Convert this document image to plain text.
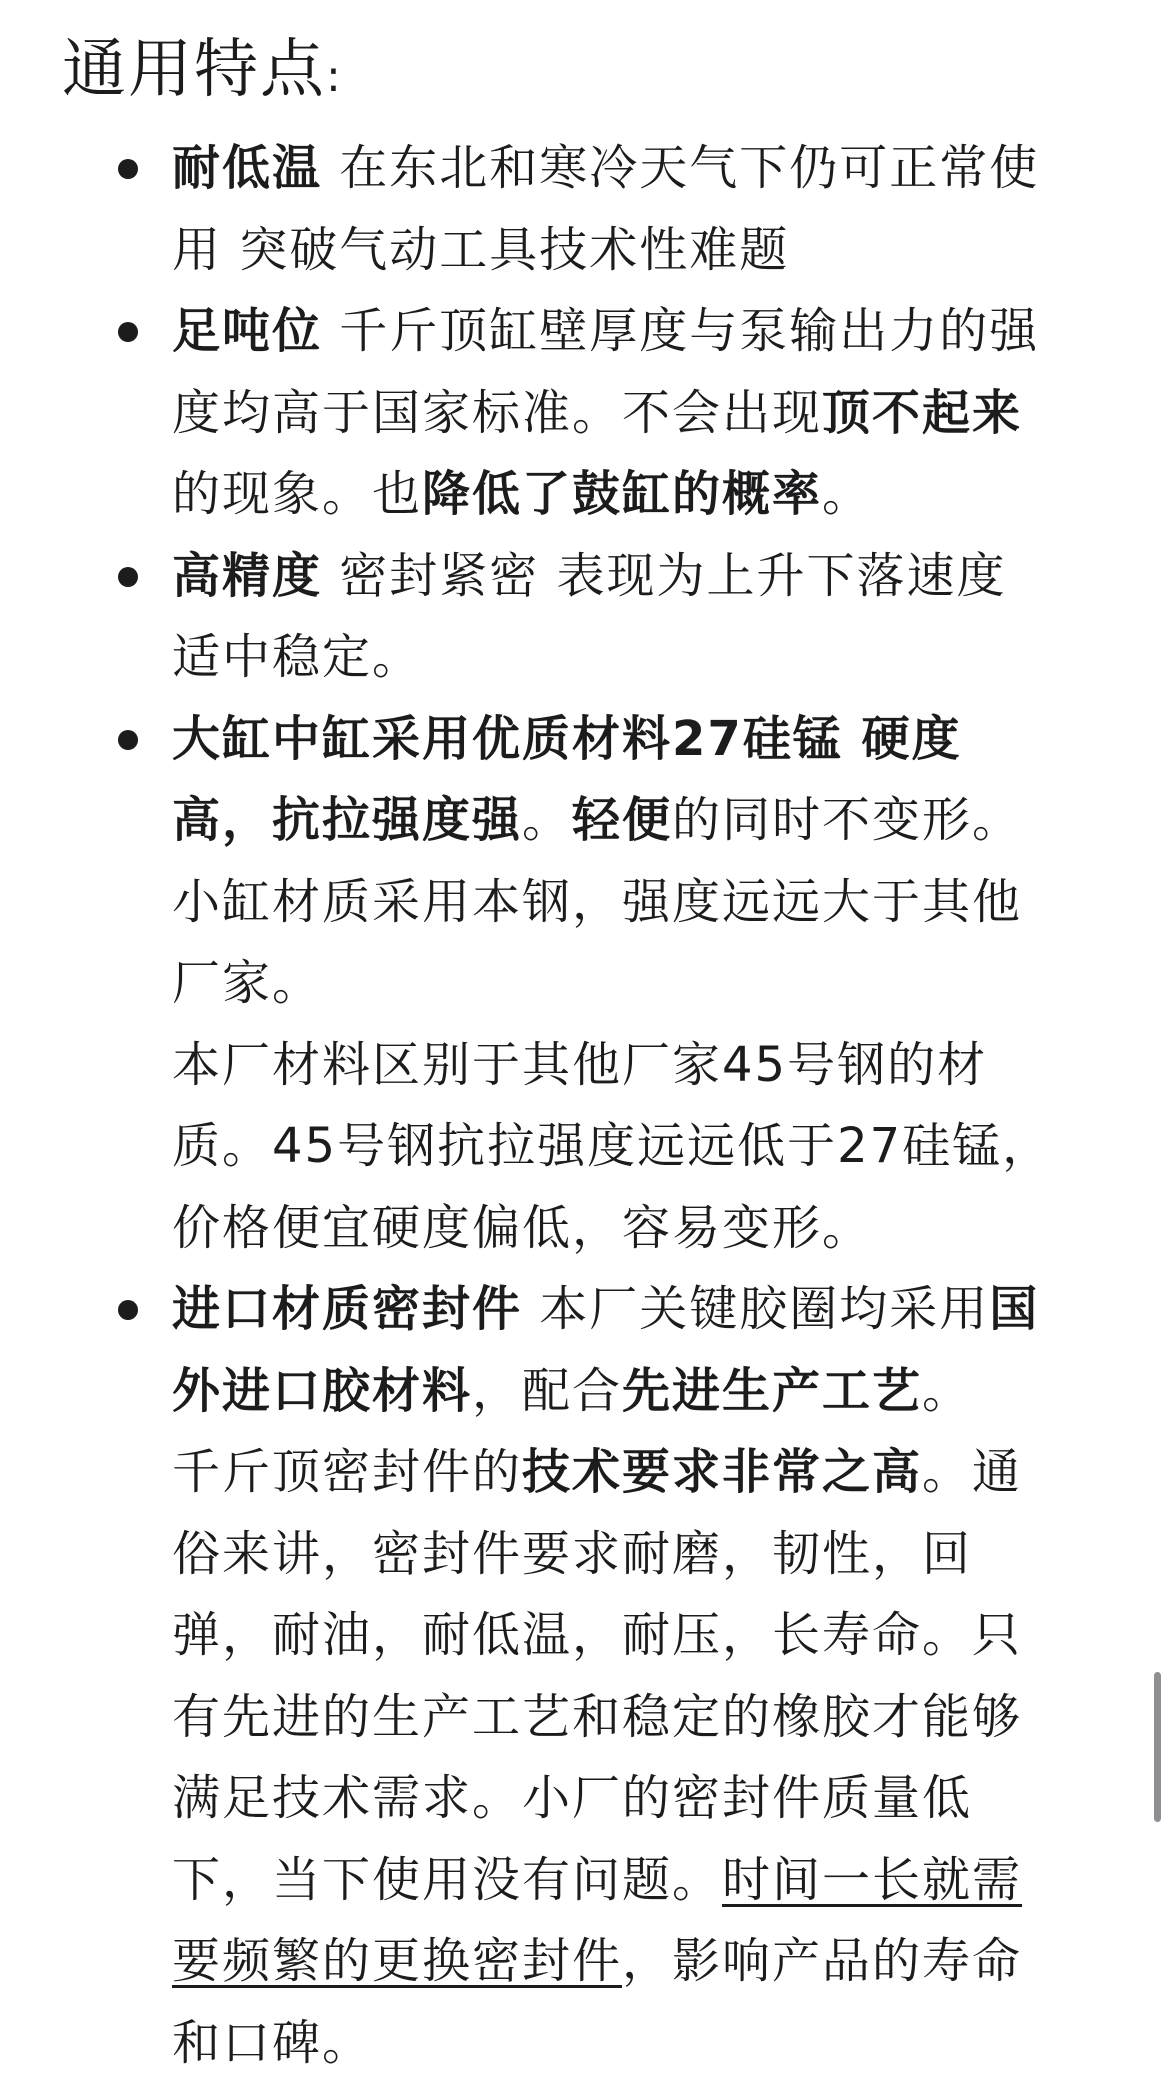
通用特点:
耐低温 在东北和寒冷天气下仍可正常使
用 突破气动工具技术性难题
足吨位 千斤顶缸壁厚度与泵输出力的强
度均高于国家标准。不会出现顶不起来
的现象。也降低了鼓缸的概率。
高精度 密封紧密 表现为上升下落速度
适中稳定。
大缸中缸采用优质材料27硅锰 硬度
高，抗拉强度强。轻便的同时不变形。
小缸材质采用本钢，强度远远大于其他
厂家。
本厂材料区别于其他厂家45号钢的材
质。45号钢抗拉强度远远低于27硅锰，
价格便宜硬度偏低，容易变形。
进口材质密封件 本厂关键胶圈均采用国
外进口胶材料，配合先进生产工艺。
千斤顶密封件的技术要求非常之高。通
俗来讲，密封件要求耐磨，韧性，回
弹，耐油，耐低温，耐压，长寿命。只
有先进的生产工艺和稳定的橡胶才能够
满足技术需求。小厂的密封件质量低
下，当下使用没有问题。时间一长就需
要频繁的更换密封件，影响产品的寿命
和口碑。
